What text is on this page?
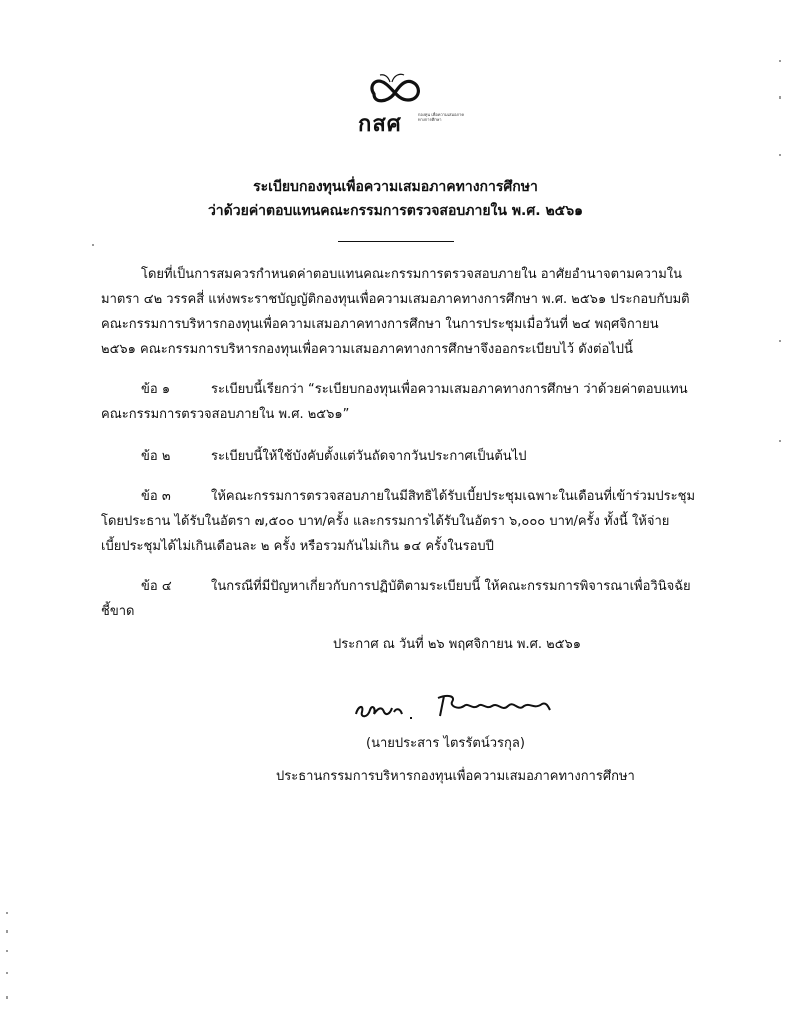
กสศ	กองทุน เพื่อความเสมอภาค ทางการศึกษา
ระเบียบกองทุนเพื่อความเสมอภาคทางการศึกษา
ว่าด้วยค่าตอบแทนคณะกรรมการตรวจสอบภายใน พ.ศ. ๒๕๖๑
โดยที่เป็นการสมควรกำหนดค่าตอบแทนคณะกรรมการตรวจสอบภายใน อาศัยอำนาจตามความใน
มาตรา ๔๒ วรรคสี่ แห่งพระราชบัญญัติกองทุนเพื่อความเสมอภาคทางการศึกษา พ.ศ. ๒๕๖๑ ประกอบกับมติ
คณะกรรมการบริหารกองทุนเพื่อความเสมอภาคทางการศึกษา ในการประชุมเมื่อวันที่ ๒๔ พฤศจิกายน
๒๕๖๑ คณะกรรมการบริหารกองทุนเพื่อความเสมอภาคทางการศึกษาจึงออกระเบียบไว้ ดังต่อไปนี้
ข้อ ๑	ระเบียบนี้เรียกว่า “ระเบียบกองทุนเพื่อความเสมอภาคทางการศึกษา ว่าด้วยค่าตอบแทน
คณะกรรมการตรวจสอบภายใน พ.ศ. ๒๕๖๑”
ข้อ ๒	ระเบียบนี้ให้ใช้บังคับตั้งแต่วันถัดจากวันประกาศเป็นต้นไป
ข้อ ๓	ให้คณะกรรมการตรวจสอบภายในมีสิทธิได้รับเบี้ยประชุมเฉพาะในเดือนที่เข้าร่วมประชุม
โดยประธาน ได้รับในอัตรา ๗,๕๐๐ บาท/ครั้ง และกรรมการได้รับในอัตรา ๖,๐๐๐ บาท/ครั้ง ทั้งนี้ ให้จ่าย
เบี้ยประชุมได้ไม่เกินเดือนละ ๒ ครั้ง หรือรวมกันไม่เกิน ๑๔ ครั้งในรอบปี
ข้อ ๔	ในกรณีที่มีปัญหาเกี่ยวกับการปฏิบัติตามระเบียบนี้ ให้คณะกรรมการพิจารณาเพื่อวินิจฉัย
ชี้ขาด
ประกาศ ณ วันที่ ๒๖ พฤศจิกายน พ.ศ. ๒๕๖๑
(นายประสาร ไตรรัตน์วรกุล)
ประธานกรรมการบริหารกองทุนเพื่อความเสมอภาคทางการศึกษา
